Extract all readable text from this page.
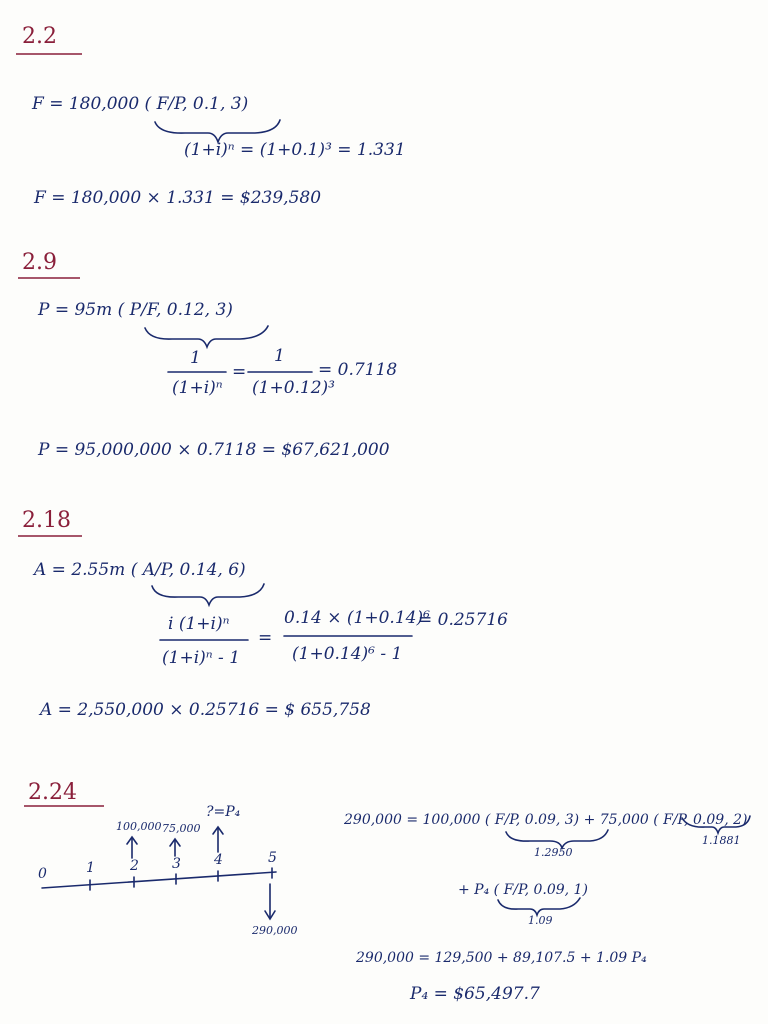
2.2
F = 180,000 ( F/P, 0.1, 3)
(1+i)ⁿ = (1+0.1)³ = 1.331
F = 180,000 × 1.331 = $239,580
2.9
P = 95m ( P/F, 0.12, 3)
1
(1+i)ⁿ
=
1
(1+0.12)³
= 0.7118
P = 95,000,000 × 0.7118 = $67,621,000
2.18
A = 2.55m ( A/P, 0.14, 6)
i (1+i)ⁿ
(1+i)ⁿ - 1
=
0.14 × (1+0.14)⁶
(1+0.14)⁶ - 1
= 0.25716
A = 2,550,000 × 0.25716 = $ 655,758
2.24
100,000 75,000
?=P₄
0	1	2 3 4	5
290,000
290,000 = 100,000 ( F/P, 0.09, 3) + 75,000 ( F/P, 0.09, 2)
1.2950
1.1881
+ P₄ ( F/P, 0.09, 1)
1.09
290,000 = 129,500 + 89,107.5 + 1.09 P₄
P₄ = $65,497.7
